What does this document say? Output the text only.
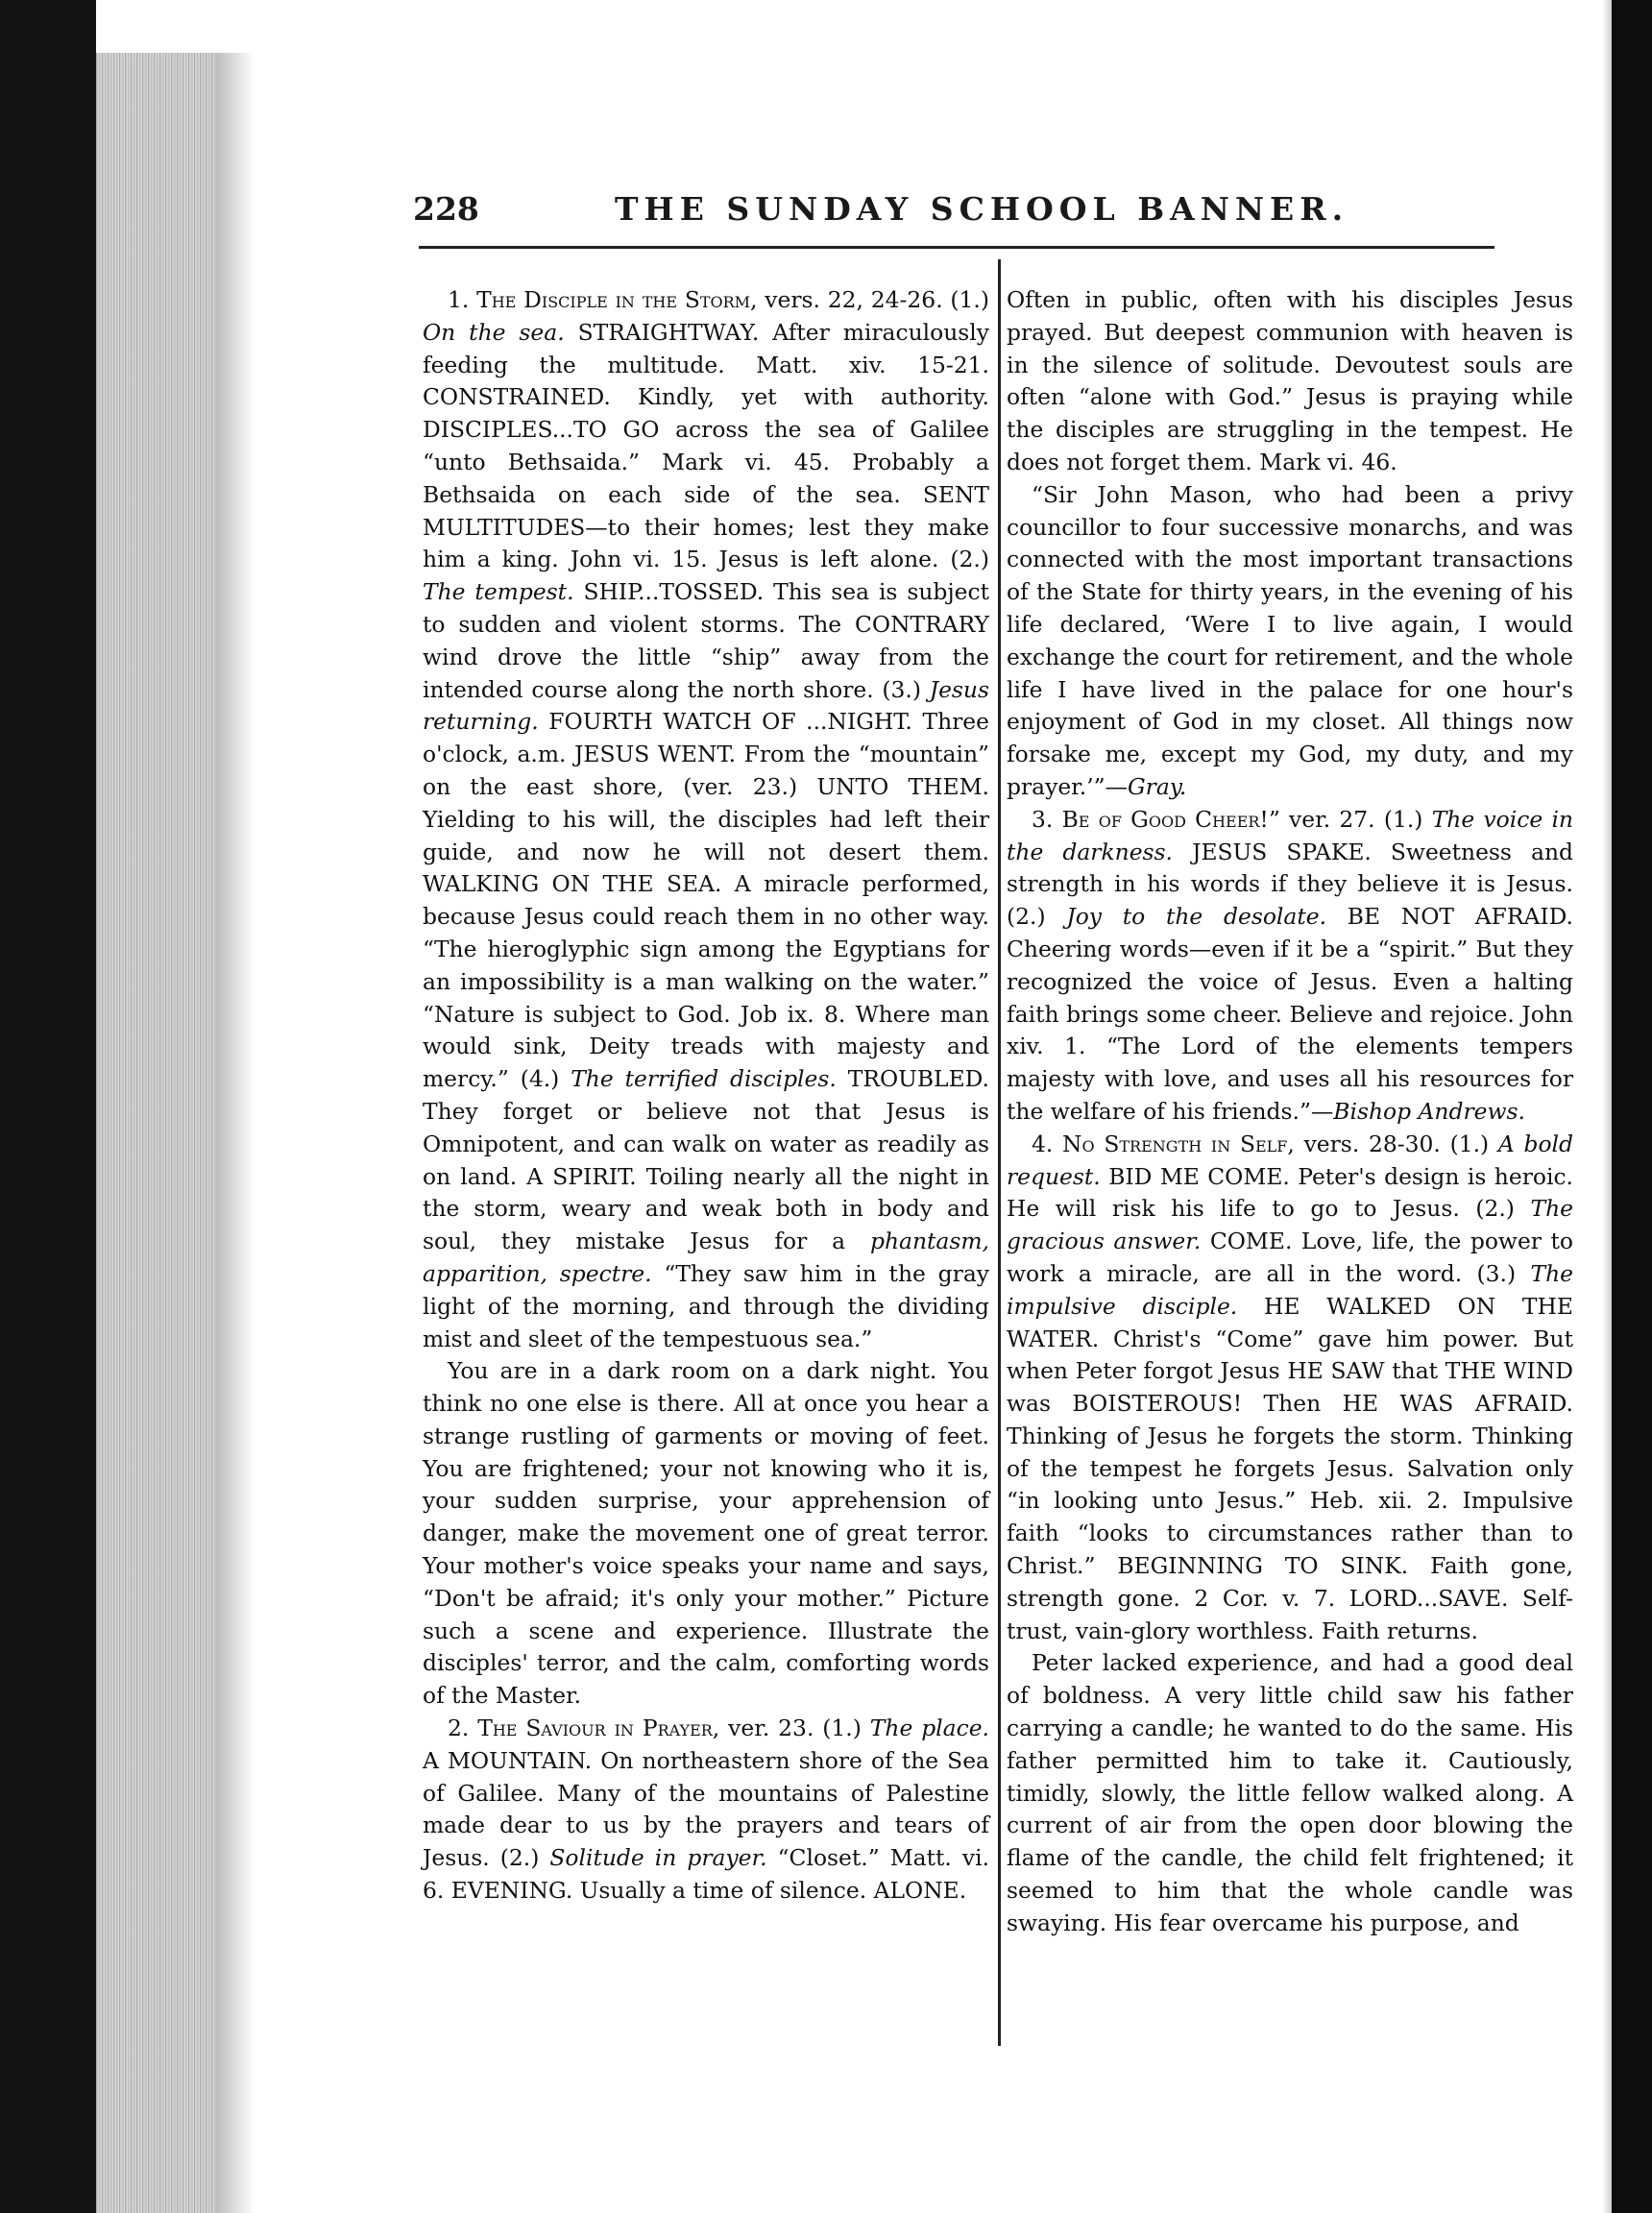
228	THE SUNDAY SCHOOL BANNER.

1. The Disciple in the Storm, vers. 22, 24-26. (1.) On the sea. STRAIGHTWAY. After miraculously feeding the multitude. Matt. xiv. 15-21. CONSTRAINED. Kindly, yet with authority. DISCIPLES...TO GO across the sea of Galilee “unto Bethsaida.” Mark vi. 45. Probably a Bethsaida on each side of the sea. SENT MULTITUDES—to their homes; lest they make him a king. John vi. 15. Jesus is left alone. (2.) The tempest. SHIP...TOSSED. This sea is subject to sudden and violent storms. The CONTRARY wind drove the little “ship” away from the intended course along the north shore. (3.) Jesus returning. FOURTH WATCH OF ...NIGHT. Three o'clock, a.m. JESUS WENT. From the “mountain” on the east shore, (ver. 23.) UNTO THEM. Yielding to his will, the disciples had left their guide, and now he will not desert them. WALKING ON THE SEA. A miracle performed, because Jesus could reach them in no other way. “The hieroglyphic sign among the Egyptians for an impossibility is a man walking on the water.” “Nature is subject to God. Job ix. 8. Where man would sink, Deity treads with majesty and mercy.” (4.) The terrified disciples. TROUBLED. They forget or believe not that Jesus is Omnipotent, and can walk on water as readily as on land. A SPIRIT. Toiling nearly all the night in the storm, weary and weak both in body and soul, they mistake Jesus for a phantasm, apparition, spectre. “They saw him in the gray light of the morning, and through the dividing mist and sleet of the tempestuous sea.”

You are in a dark room on a dark night. You think no one else is there. All at once you hear a strange rustling of garments or moving of feet. You are frightened; your not knowing who it is, your sudden surprise, your apprehension of danger, make the movement one of great terror. Your mother's voice speaks your name and says, “Don't be afraid; it's only your mother.” Picture such a scene and experience. Illustrate the disciples' terror, and the calm, comforting words of the Master.

2. The Saviour in Prayer, ver. 23. (1.) The place. A MOUNTAIN. On northeastern shore of the Sea of Galilee. Many of the mountains of Palestine made dear to us by the prayers and tears of Jesus. (2.) Solitude in prayer. “Closet.” Matt. vi. 6. EVENING. Usually a time of silence. ALONE.

Often in public, often with his disciples Jesus prayed. But deepest communion with heaven is in the silence of solitude. Devoutest souls are often “alone with God.” Jesus is praying while the disciples are struggling in the tempest. He does not forget them. Mark vi. 46.

“Sir John Mason, who had been a privy councillor to four successive monarchs, and was connected with the most important transactions of the State for thirty years, in the evening of his life declared, ‘Were I to live again, I would exchange the court for retirement, and the whole life I have lived in the palace for one hour's enjoyment of God in my closet. All things now forsake me, except my God, my duty, and my prayer.’”—Gray.

3. Be of Good Cheer!” ver. 27. (1.) The voice in the darkness. JESUS SPAKE. Sweetness and strength in his words if they believe it is Jesus. (2.) Joy to the desolate. BE NOT AFRAID. Cheering words—even if it be a “spirit.” But they recognized the voice of Jesus. Even a halting faith brings some cheer. Believe and rejoice. John xiv. 1. “The Lord of the elements tempers majesty with love, and uses all his resources for the welfare of his friends.”—Bishop Andrews.

4. No Strength in Self, vers. 28-30. (1.) A bold request. BID ME COME. Peter's design is heroic. He will risk his life to go to Jesus. (2.) The gracious answer. COME. Love, life, the power to work a miracle, are all in the word. (3.) The impulsive disciple. HE WALKED ON THE WATER. Christ's “Come” gave him power. But when Peter forgot Jesus HE SAW that THE WIND was BOISTEROUS! Then HE WAS AFRAID. Thinking of Jesus he forgets the storm. Thinking of the tempest he forgets Jesus. Salvation only “in looking unto Jesus.” Heb. xii. 2. Impulsive faith “looks to circumstances rather than to Christ.” BEGINNING TO SINK. Faith gone, strength gone. 2 Cor. v. 7. LORD...SAVE. Self-trust, vain-glory worthless. Faith returns.

Peter lacked experience, and had a good deal of boldness. A very little child saw his father carrying a candle; he wanted to do the same. His father permitted him to take it. Cautiously, timidly, slowly, the little fellow walked along. A current of air from the open door blowing the flame of the candle, the child felt frightened; it seemed to him that the whole candle was swaying. His fear overcame his purpose, and
